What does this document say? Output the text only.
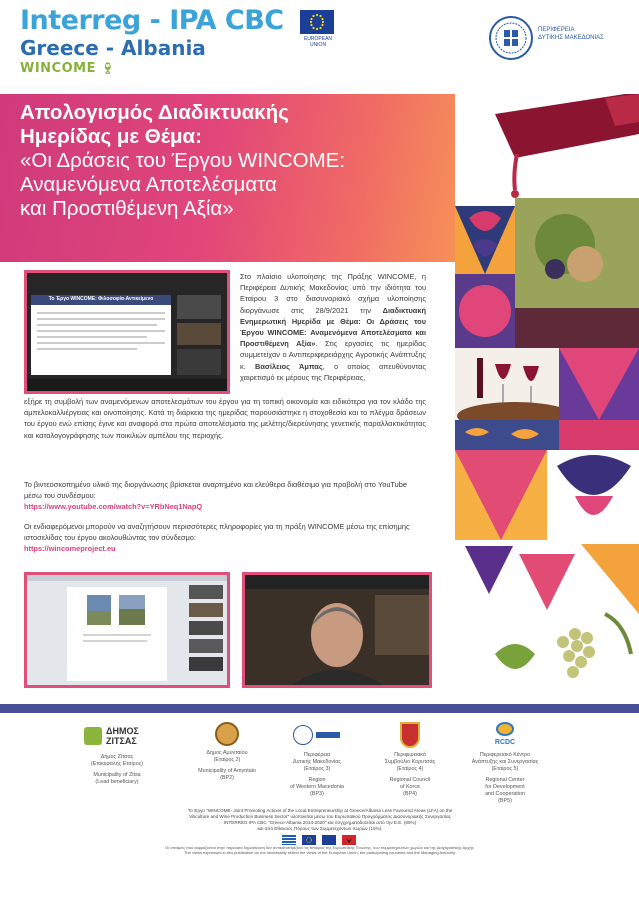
Interreg - IPA CBC
Greece - Albania
WINCOME 🍷︎
EUROPEAN UNION
ΠΕΡΙΦΕΡΕΙΑ
ΔΥΤΙΚΗΣ ΜΑΚΕΔΟΝΙΑΣ
Απολογισμός Διαδικτυακής
Ημερίδας με Θέμα:
«Οι Δράσεις του Έργου WINCOME:
Αναμενόμενα Αποτελέσματα
και Προστιθέμενη Αξία»
Το Έργο WINCOME: Φιλοσοφία-Αντικείμενο
Στο πλαίσιο υλοποίησης της Πράξης WINCOME, η Περιφέρεια Δυτικής Μακεδονίας υπό την ιδιότητα του Εταίρου 3 στο διασυνοριακό σχήμα υλοποίησης διοργάνωσε στις 28/9/2021 την Διαδικτυακή Ενημερωτική Ημερίδα με Θέμα: Οι Δράσεις του Έργου WINCOME: Αναμενόμενα Αποτελέσματα και Προστιθέμενη Αξία». Στις εργασίες τις ημερίδας συμμετείχαν ο Αντιπεριφερειάρχης Αγροτικής Ανάπτυξης κ. Βασίλειος Άμπας, ο οποίος απευθύνοντας χαιρετισμό εκ μέρους της Περιφέρειας,
εξήρε τη συμβολή των αναμενόμενων αποτελεσμάτων του έργου για τη τοπική οικονομία και ειδικότερα για τον κλάδο της αμπελοκαλλιέργειας και οινοποίησης. Κατά τη διάρκεια της ημερίδας παρουσιάστηκε η στοχοθεσία και το πλέγμα δράσεων του έργου ενώ επίσης έγινε και αναφορά στα πρώτα αποτελέσματα της μελέτης/διερεύνησης γενετικής παραλλακτικότητας και καταλογογράφησης των ποικιλιών αμπέλου της περιοχής.
Το βιντεοσκοπημένο υλικό της διοργάνωσης βρίσκεται αναρτημένο και ελεύθερα διαθέσιμο για προβολή στο YouTube μέσω του συνδέσμου:
https://www.youtube.com/watch?v=YRbNeq1NapQ
Οι ενδιαφερόμενοι μπορούν να αναζητήσουν περισσότερες πληροφορίες για τη πράξη WINCOME μέσω της επίσημης ιστοσελίδας του έργου ακολουθώντας τον σύνδεσμο:
https://wincomeproject.eu
ΔΗΜΟΣ ΖΙΤΣΑΣ
Δήμος Ζίτσας
(Επικεφαλής Εταίρος)
Municipality of Zitsa
(Lead beneficiary)
Δήμος Αμυνταίου
(Εταίρος 2)
Municipality of Amyntaio
(BP2)
Περιφέρεια
Δυτικής Μακεδονίας
(Εταίρος 3)
Region
of Western Macedonia
(BP3)
Περιφερειακό
Συμβούλιο Κορυτσάς
(Εταίρος 4)
Regional Council
of Korce
(BP4)
RCDC
Περιφερειακό Κέντρο
Ανάπτυξης και Συνεργασίας
(Εταίρος 5)
Regional Center
for Development
and Cooperation
(BP5)
Το Έργο "WINCOME- Joint Promoting Actions of the Local Entrepreneurship at Greece/Albania Less Favoured Areas (LFA) on the
Viticulture and Wine Production Business Sector" υλοποιείται μέσω του Ευρωπαϊκού Προγράμματος Διασυνοριακής Συνεργασίας
INTERREG IPA CBC "Greece-Albania 2014-2020" και συγχρηματοδοτείται από την Ε.Ε. (85%)
και από Εθνικούς Πόρους των Συμμετεχόντων Χωρών (15%).
Οι απόψεις που εκφράζονται στην παρούσα δημοσίευση δεν αντικατοπτρίζουν τις απόψεις της Ευρωπαϊκής Ένωσης, των συμμετεχουσών χωρών και της Διαχειριστικής Αρχής.
The views expressed in this publication do not necessarily reflect the views of the European Union, the participating countries and the Managing Authority.
